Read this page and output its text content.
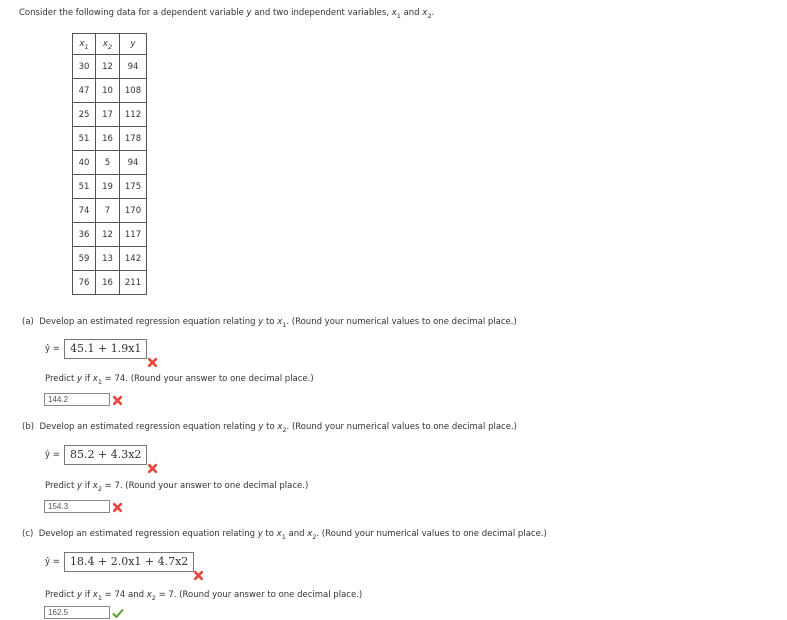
Consider the following data for a dependent variable y and two independent variables, $x_1$ and $x_2$.
$x_1$	$x_2$	y
30	12	94
47	10	108
25	17	112
51	16	178
40	5	94
51	19	175
74	7	170
36	12	117
59	13	142
76	16	211
(a) Develop an estimated regression equation relating y to $x_1$. (Round your numerical values to one decimal place.)
ŷ = 45.1 + 1.9x1
Predict y if $x_1 = 74$. (Round your answer to one decimal place.)
144.2
(b) Develop an estimated regression equation relating y to $x_2$. (Round your numerical values to one decimal place.)
ŷ = 85.2 + 4.3x2
Predict y if $x_2 = 7$. (Round your answer to one decimal place.)
154.3
(c) Develop an estimated regression equation relating y to $x_1$ and $x_2$. (Round your numerical values to one decimal place.)
ŷ = 18.4 + 2.0x1 + 4.7x2
Predict y if $x_1 = 74$ and $x_2 = 7$. (Round your answer to one decimal place.)
162.5
